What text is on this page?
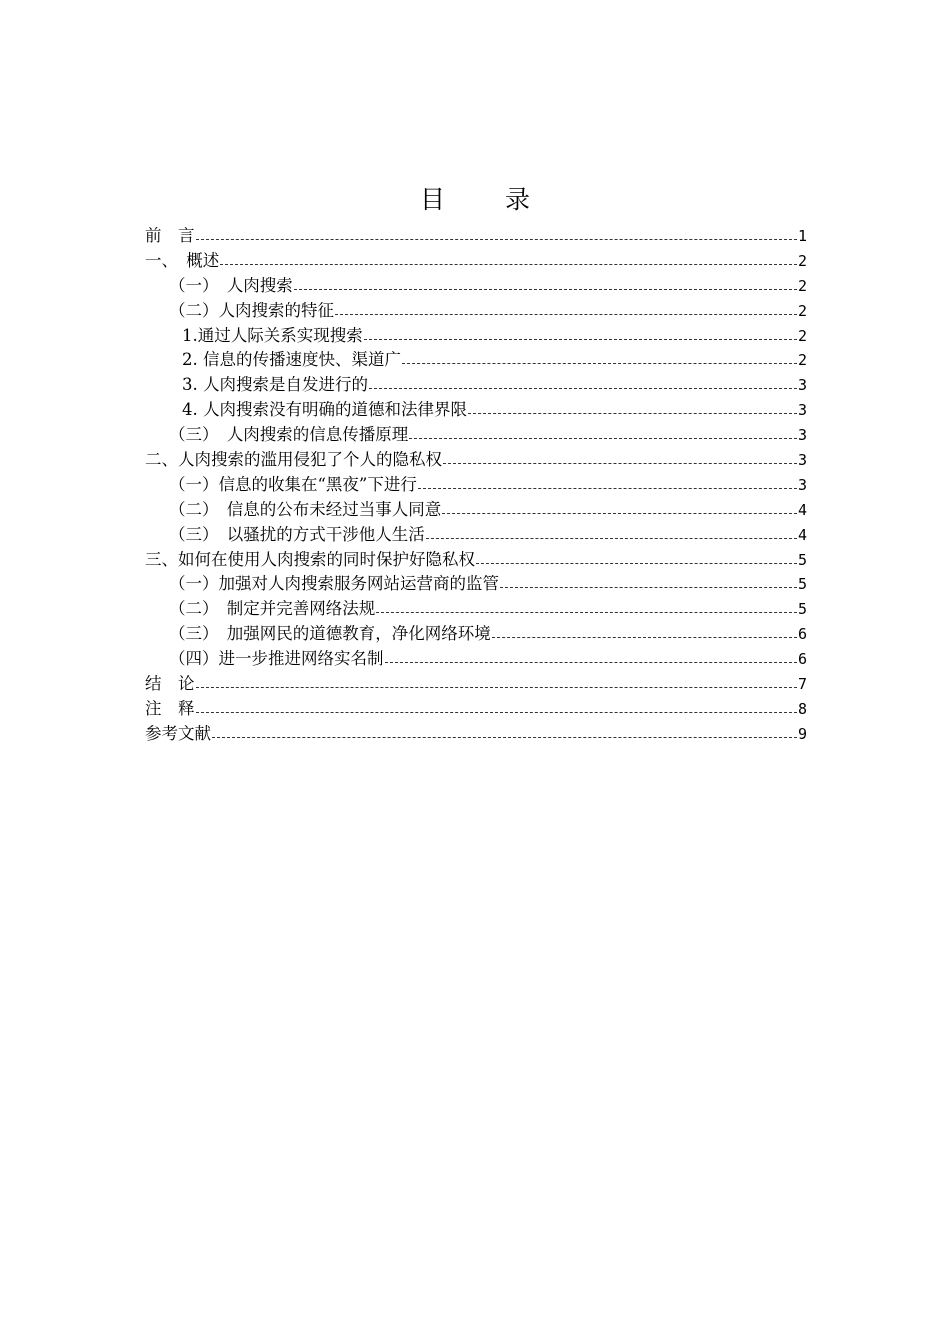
目 录
前　言	1
一、　概述	2
（一）　人肉搜索	2
（二）人肉搜索的特征	2
1.通过人际关系实现搜索	2
2. 信息的传播速度快、渠道广	2
3. 人肉搜索是自发进行的	3
4. 人肉搜索没有明确的道德和法律界限	3
（三）　人肉搜索的信息传播原理	3
二、人肉搜索的滥用侵犯了个人的隐私权	3
（一）信息的收集在“黑夜”下进行	3
（二）　信息的公布未经过当事人同意	4
（三）　以骚扰的方式干涉他人生活	4
三、如何在使用人肉搜索的同时保护好隐私权	5
（一）加强对人肉搜索服务网站运营商的监管	5
（二）　制定并完善网络法规	5
（三）　加强网民的道德教育，净化网络环境	6
（四）进一步推进网络实名制	6
结　论	7
注　释	8
参考文献	9
